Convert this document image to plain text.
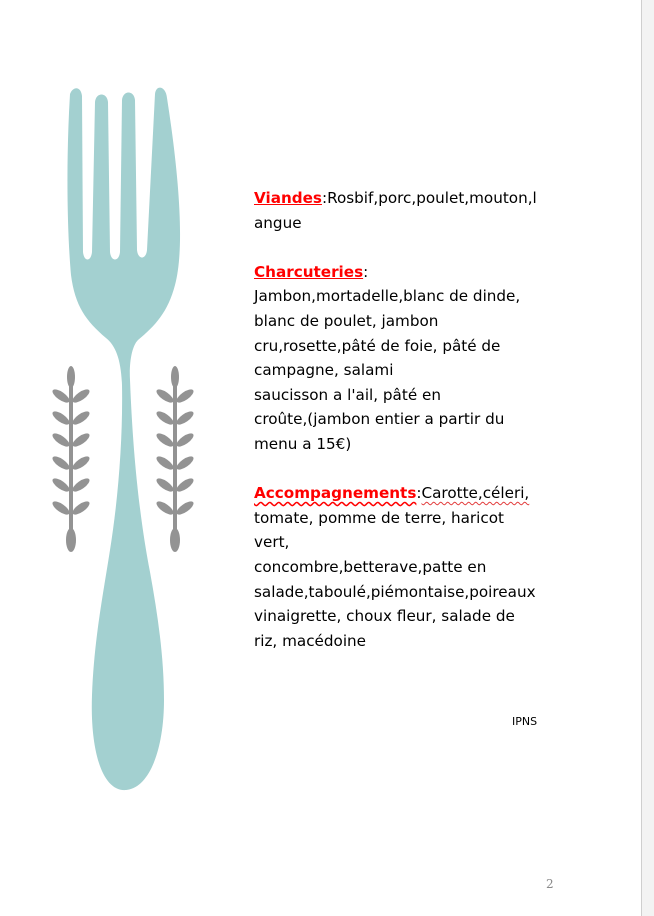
Viandes:Rosbif,porc,poulet,mouton,l

angue

Charcuteries:

Jambon,mortadelle,blanc de dinde,

blanc de poulet, jambon

cru,rosette,pâté de foie, pâté de

campagne, salami

saucisson a l'ail, pâté en

croûte,(jambon entier a partir du

menu a 15€)

Accompagnements:Carotte,céleri,

tomate, pomme de terre, haricot

vert,

concombre,betterave,patte en

salade,taboulé,piémontaise,poireaux

vinaigrette, choux fleur, salade de

riz, macédoine

IPNS
2
